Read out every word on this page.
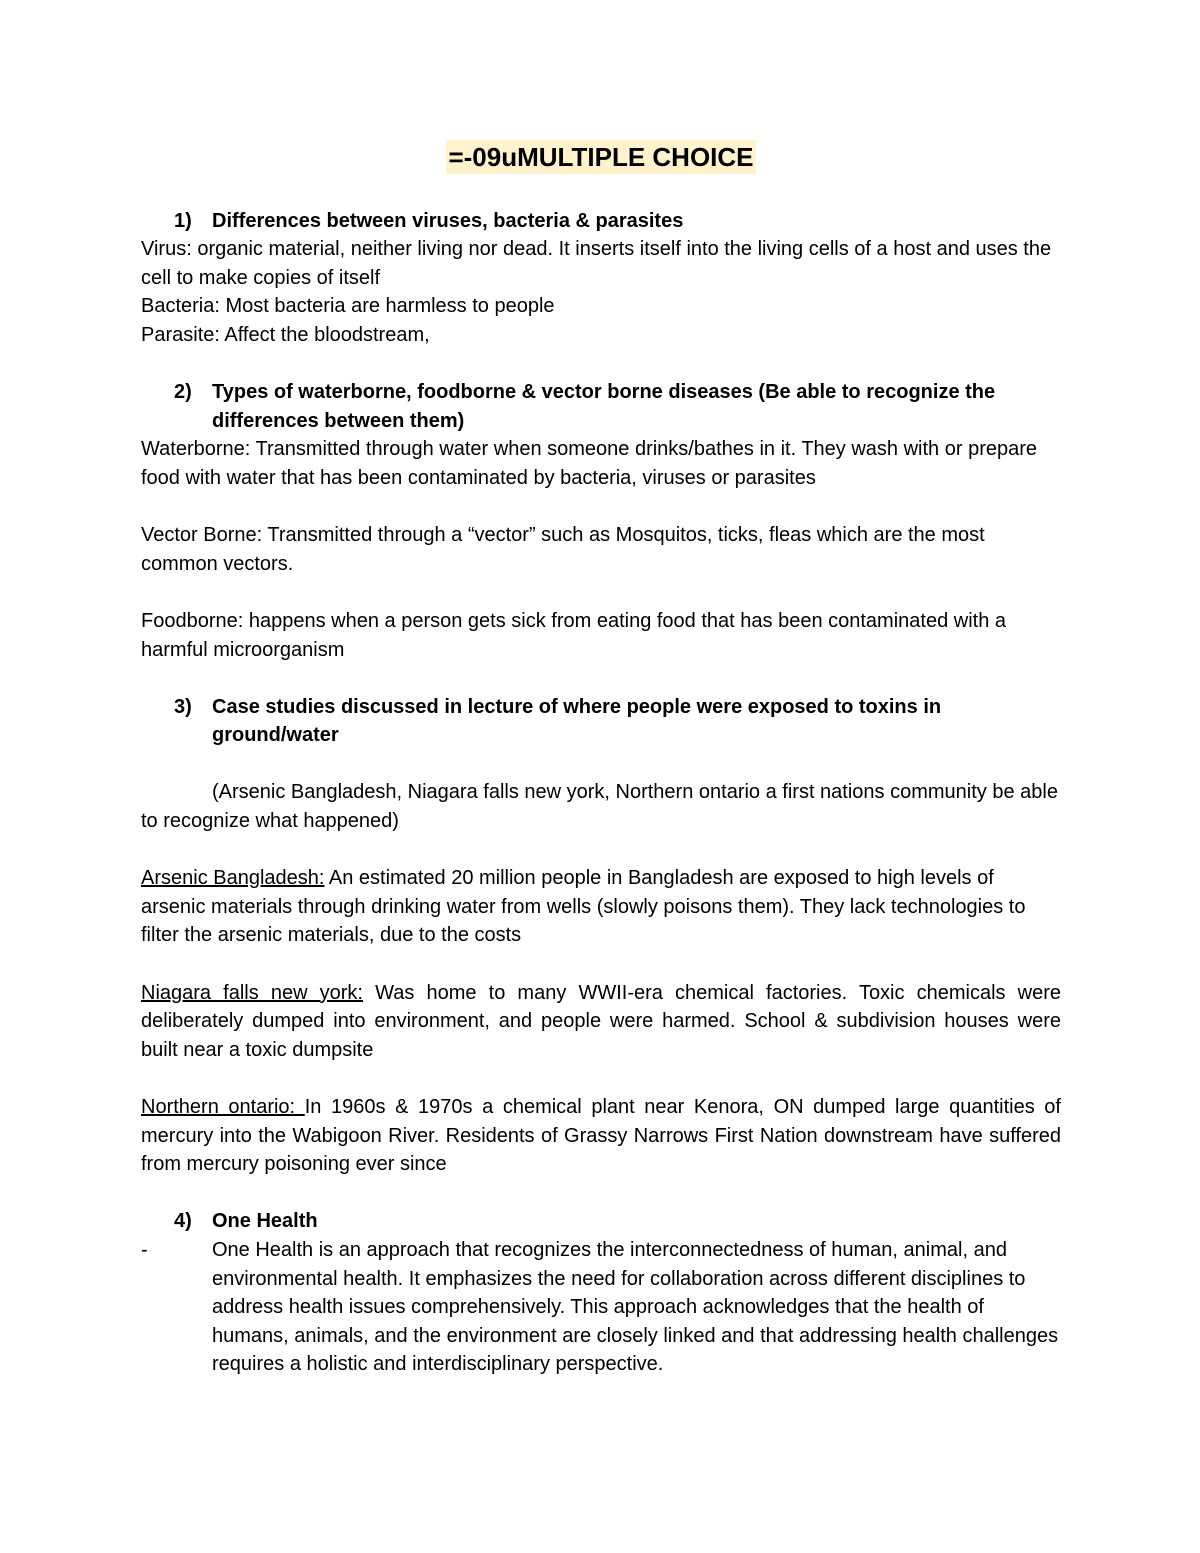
=-09uMULTIPLE CHOICE
1) Differences between viruses, bacteria & parasites

Virus: organic material, neither living nor dead. It inserts itself into the living cells of a host and uses the cell to make copies of itself

Bacteria: Most bacteria are harmless to people

Parasite: Affect the bloodstream,

2) Types of waterborne, foodborne & vector borne diseases (Be able to recognize the differences between them)

Waterborne: Transmitted through water when someone drinks/bathes in it. They wash with or prepare food with water that has been contaminated by bacteria, viruses or parasites

Vector Borne: Transmitted through a “vector” such as Mosquitos, ticks, fleas which are the most common vectors.

Foodborne: happens when a person gets sick from eating food that has been contaminated with a harmful microorganism

3) Case studies discussed in lecture of where people were exposed to toxins in ground/water

(Arsenic Bangladesh, Niagara falls new york, Northern ontario a first nations community be able to recognize what happened)

Arsenic Bangladesh: An estimated 20 million people in Bangladesh are exposed to high levels of arsenic materials through drinking water from wells (slowly poisons them). They lack technologies to filter the arsenic materials, due to the costs

Niagara falls new york: Was home to many WWII-era chemical factories. Toxic chemicals were deliberately dumped into environment, and people were harmed. School & subdivision houses were built near a toxic dumpsite

Northern ontario: In 1960s & 1970s a chemical plant near Kenora, ON dumped large quantities of mercury into the Wabigoon River. Residents of Grassy Narrows First Nation downstream have suffered from mercury poisoning ever since

4) One Health
-	One Health is an approach that recognizes the interconnectedness of human, animal, and environmental health. It emphasizes the need for collaboration across different disciplines to address health issues comprehensively. This approach acknowledges that the health of humans, animals, and the environment are closely linked and that addressing health challenges requires a holistic and interdisciplinary perspective.
